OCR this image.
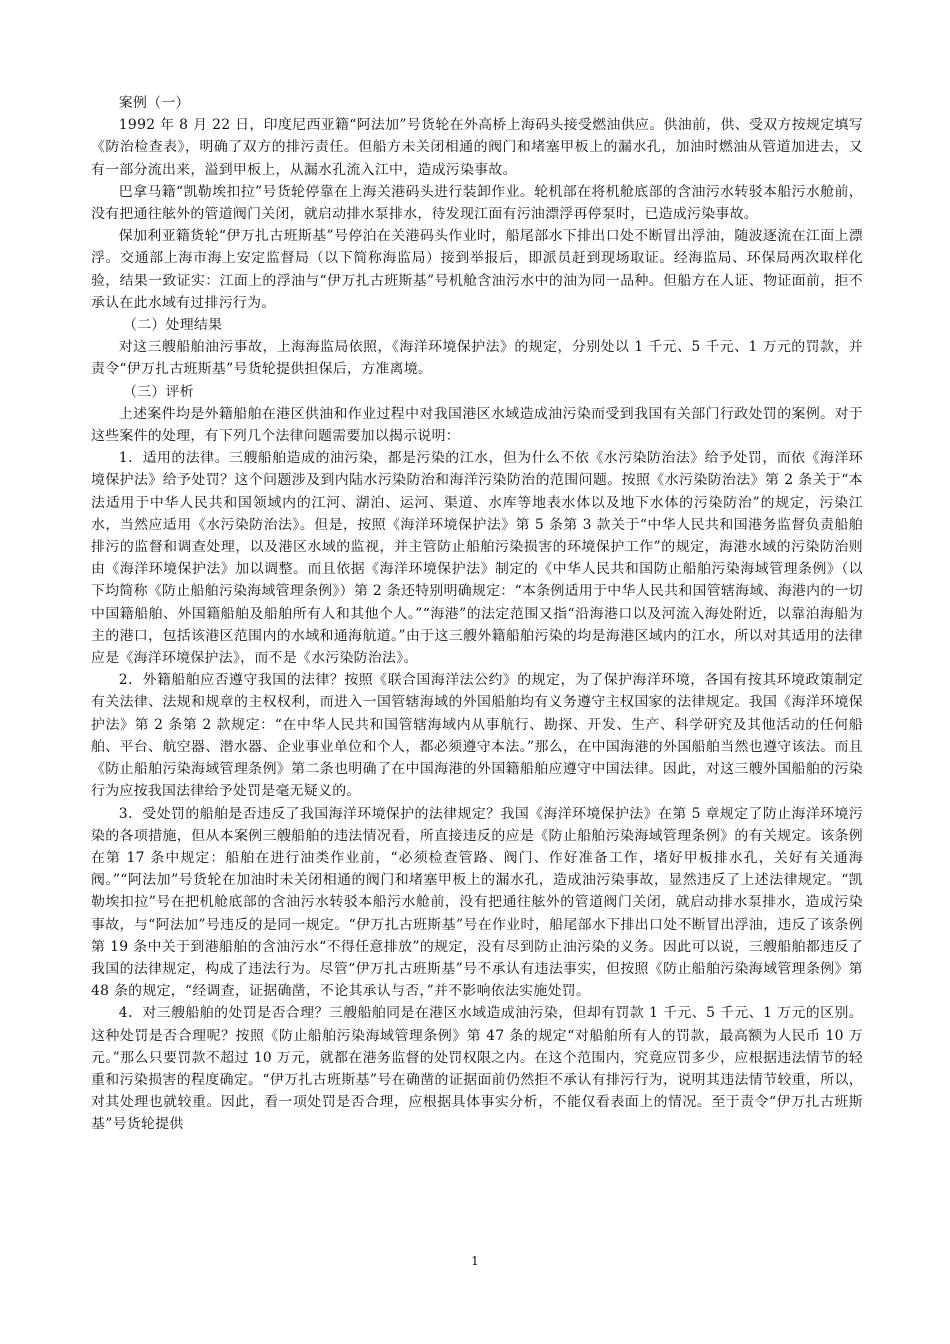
案例（一）

1992 年 8 月 22 日，印度尼西亚籍“阿法加”号货轮在外高桥上海码头接受燃油供应。供油前，供、受双方按规定填写《防治检查表》，明确了双方的排污责任。但船方未关闭相通的阀门和堵塞甲板上的漏水孔，加油时燃油从管道加进去，又有一部分流出来，溢到甲板上，从漏水孔流入江中，造成污染事故。

巴拿马籍“凯勒埃扣拉”号货轮停靠在上海关港码头进行装卸作业。轮机部在将机舱底部的含油污水转驳本船污水舱前，没有把通往舷外的管道阀门关闭，就启动排水泵排水，待发现江面有污油漂浮再停泵时，已造成污染事故。

保加利亚籍货轮“伊万扎古班斯基”号停泊在关港码头作业时，船尾部水下排出口处不断冒出浮油，随波逐流在江面上漂浮。交通部上海市海上安定监督局（以下简称海监局）接到举报后，即派员赶到现场取证。经海监局、环保局两次取样化验，结果一致证实：江面上的浮油与“伊万扎古班斯基”号机舱含油污水中的油为同一品种。但船方在人证、物证面前，拒不承认在此水域有过排污行为。

（二）处理结果

对这三艘船舶油污事故，上海海监局依照，《海洋环境保护法》的规定，分别处以 1 千元、5 千元、1 万元的罚款，并责令“伊万扎古班斯基”号货轮提供担保后，方准离境。

（三）评析

上述案件均是外籍船舶在港区供油和作业过程中对我国港区水域造成油污染而受到我国有关部门行政处罚的案例。对于这些案件的处理，有下列几个法律问题需要加以揭示说明：

1．适用的法律。三艘船舶造成的油污染，都是污染的江水，但为什么不依《水污染防治法》给予处罚，而依《海洋环境保护法》给予处罚？这个问题涉及到内陆水污染防治和海洋污染防治的范围问题。按照《水污染防治法》第 2 条关于“本法适用于中华人民共和国领域内的江河、湖泊、运河、渠道、水库等地表水体以及地下水体的污染防治”的规定，污染江水，当然应适用《水污染防治法》。但是，按照《海洋环境保护法》第 5 条第 3 款关于“中华人民共和国港务监督负责船舶排污的监督和调查处理，以及港区水域的监视，并主管防止船舶污染损害的环境保护工作”的规定，海港水域的污染防治则由《海洋环境保护法》加以调整。而且依据《海洋环境保护法》制定的《中华人民共和国防止船舶污染海域管理条例》（以下均简称《防止船舶污染海域管理条例》）第 2 条还特别明确规定：“本条例适用于中华人民共和国管辖海域、海港内的一切中国籍船舶、外国籍船舶及船舶所有人和其他个人。”“海港”的法定范围又指“沿海港口以及河流入海处附近，以靠泊海船为主的港口，包括该港区范围内的水域和通海航道。”由于这三艘外籍船舶污染的均是海港区域内的江水，所以对其适用的法律应是《海洋环境保护法》，而不是《水污染防治法》。

2．外籍船舶应否遵守我国的法律？按照《联合国海洋法公约》的规定，为了保护海洋环境，各国有按其环境政策制定有关法律、法规和规章的主权权利，而进入一国管辖海域的外国船舶均有义务遵守主权国家的法律规定。我国《海洋环境保护法》第 2 条第 2 款规定：“在中华人民共和国管辖海域内从事航行、勘探、开发、生产、科学研究及其他活动的任何船舶、平台、航空器、潜水器、企业事业单位和个人，都必须遵守本法。”那么，在中国海港的外国船舶当然也遵守该法。而且《防止船舶污染海域管理条例》第二条也明确了在中国海港的外国籍船舶应遵守中国法律。因此，对这三艘外国船舶的污染行为应按我国法律给予处罚是毫无疑义的。

3．受处罚的船舶是否违反了我国海洋环境保护的法律规定？我国《海洋环境保护法》在第 5 章规定了防止海洋环境污染的各项措施，但从本案例三艘船舶的违法情况看，所直接违反的应是《防止船舶污染海域管理条例》的有关规定。该条例在第 17 条中规定：船舶在进行油类作业前，“必须检查管路、阀门、作好准备工作，堵好甲板排水孔，关好有关通海阀。”“阿法加”号货轮在加油时未关闭相通的阀门和堵塞甲板上的漏水孔，造成油污染事故，显然违反了上述法律规定。“凯勒埃扣拉”号在把机舱底部的含油污水转驳本船污水舱前，没有把通往舷外的管道阀门关闭，就启动排水泵排水，造成污染事故，与“阿法加”号违反的是同一规定。“伊万扎古班斯基”号在作业时，船尾部水下排出口处不断冒出浮油，违反了该条例第 19 条中关于到港船舶的含油污水“不得任意排放”的规定，没有尽到防止油污染的义务。因此可以说，三艘船舶都违反了我国的法律规定，构成了违法行为。尽管“伊万扎古班斯基”号不承认有违法事实，但按照《防止船舶污染海域管理条例》第 48 条的规定，“经调查，证据确凿，不论其承认与否，”并不影响依法实施处罚。

4．对三艘船舶的处罚是否合理？三艘船舶同是在港区水域造成油污染，但却有罚款 1 千元、5 千元、1 万元的区别。这种处罚是否合理呢？按照《防止船舶污染海域管理条例》第 47 条的规定“对船舶所有人的罚款，最高额为人民币 10 万元。”那么只要罚款不超过 10 万元，就都在港务监督的处罚权限之内。在这个范围内，究竟应罚多少，应根据违法情节的轻重和污染损害的程度确定。“伊万扎古班斯基”号在确凿的证据面前仍然拒不承认有排污行为，说明其违法情节较重，所以，对其处理也就较重。因此，看一项处罚是否合理，应根据具体事实分析，不能仅看表面上的情况。至于责令“伊万扎古班斯基”号货轮提供

1
